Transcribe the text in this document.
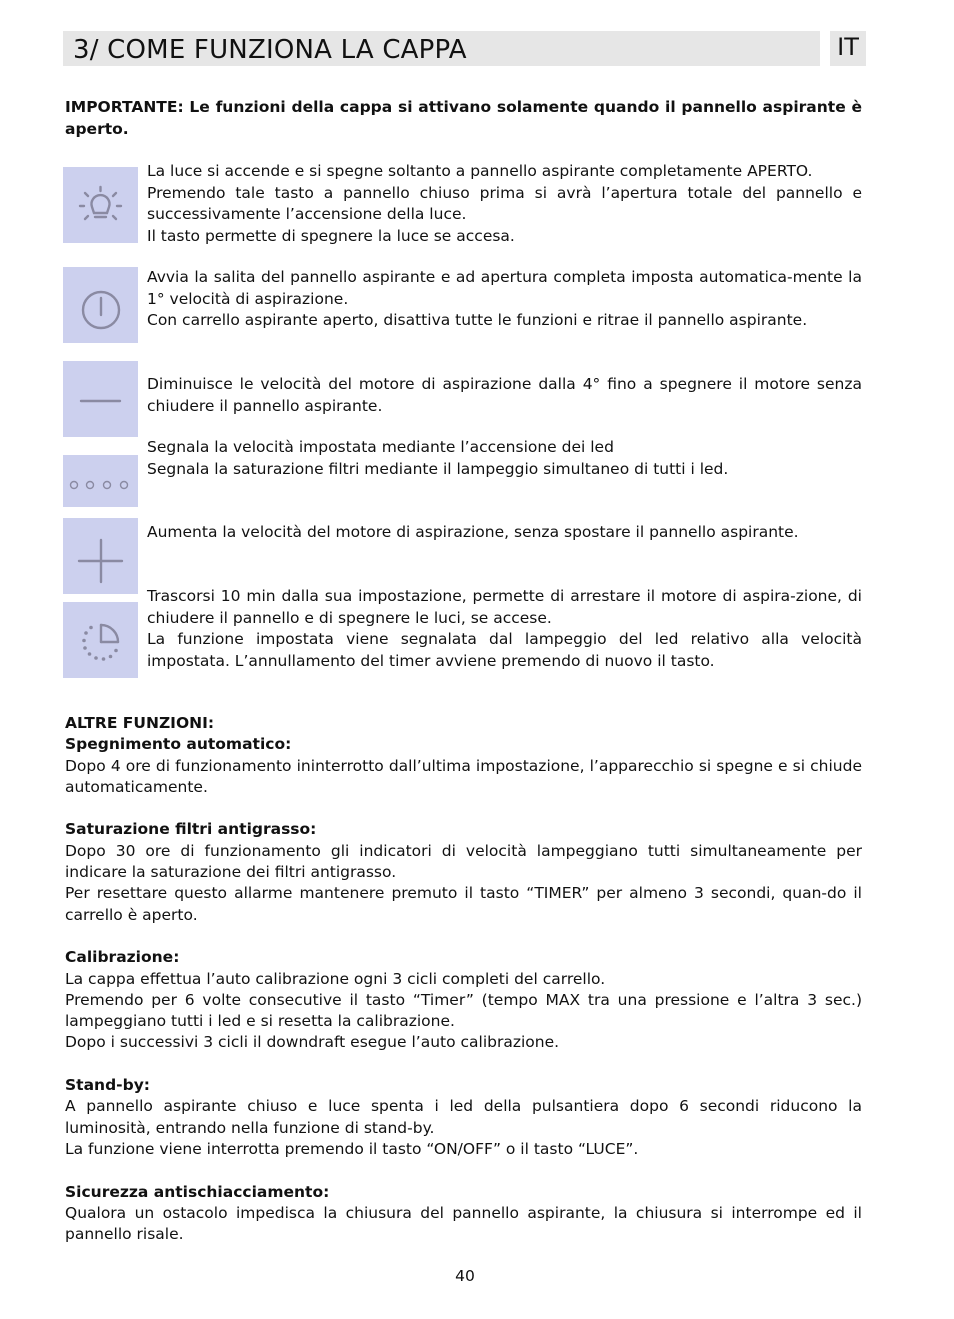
3/ COME FUNZIONA LA CAPPA	IT
IMPORTANTE: Le funzioni della cappa si attivano solamente quando il pannello aspirante è aperto.
La luce si accende e si spegne soltanto a pannello aspirante completamente APERTO.
Premendo tale tasto a pannello chiuso prima si avrà l’apertura totale del pannello e successivamente l’accensione della luce.
Il tasto permette di spegnere la luce se accesa.
Avvia la salita del pannello aspirante e ad apertura completa imposta automatica-mente la 1° velocità di aspirazione.
Con carrello aspirante aperto, disattiva tutte le funzioni e ritrae il pannello aspirante.
Diminuisce le velocità del motore di aspirazione dalla 4° fino a spegnere il motore senza chiudere il pannello aspirante.
Segnala la velocità impostata mediante l’accensione dei led
Segnala la saturazione filtri mediante il lampeggio simultaneo di tutti i led.
Aumenta la velocità del motore di aspirazione, senza spostare il pannello aspirante.
Trascorsi 10 min dalla sua impostazione, permette di arrestare il motore di aspira-zione, di chiudere il pannello e di spegnere le luci, se accese.
La funzione impostata viene segnalata dal lampeggio del led relativo alla velocità impostata. L’annullamento del timer avviene premendo di nuovo il tasto.
ALTRE FUNZIONI:
Spegnimento automatico:
Dopo 4 ore di funzionamento ininterrotto dall’ultima impostazione, l’apparecchio si spegne e si chiude automaticamente.
Saturazione filtri antigrasso:
Dopo 30 ore di funzionamento gli indicatori di velocità lampeggiano tutti simultaneamente per indicare la saturazione dei filtri antigrasso.
Per resettare questo allarme mantenere premuto il tasto “TIMER” per almeno 3 secondi, quan-do il carrello è aperto.
Calibrazione:
La cappa effettua l’auto calibrazione ogni 3 cicli completi del carrello.
Premendo per 6 volte consecutive il tasto “Timer” (tempo MAX tra una pressione e l’altra 3 sec.) lampeggiano tutti i led e si resetta la calibrazione.
Dopo i successivi 3 cicli il downdraft esegue l’auto calibrazione.
Stand-by:
A pannello aspirante chiuso e luce spenta i led della pulsantiera dopo 6 secondi riducono la luminosità, entrando nella funzione di stand-by.
La funzione viene interrotta premendo il tasto “ON/OFF” o il tasto “LUCE”.
Sicurezza antischiacciamento:
Qualora un ostacolo impedisca la chiusura del pannello aspirante, la chiusura si interrompe ed il pannello risale.
40
